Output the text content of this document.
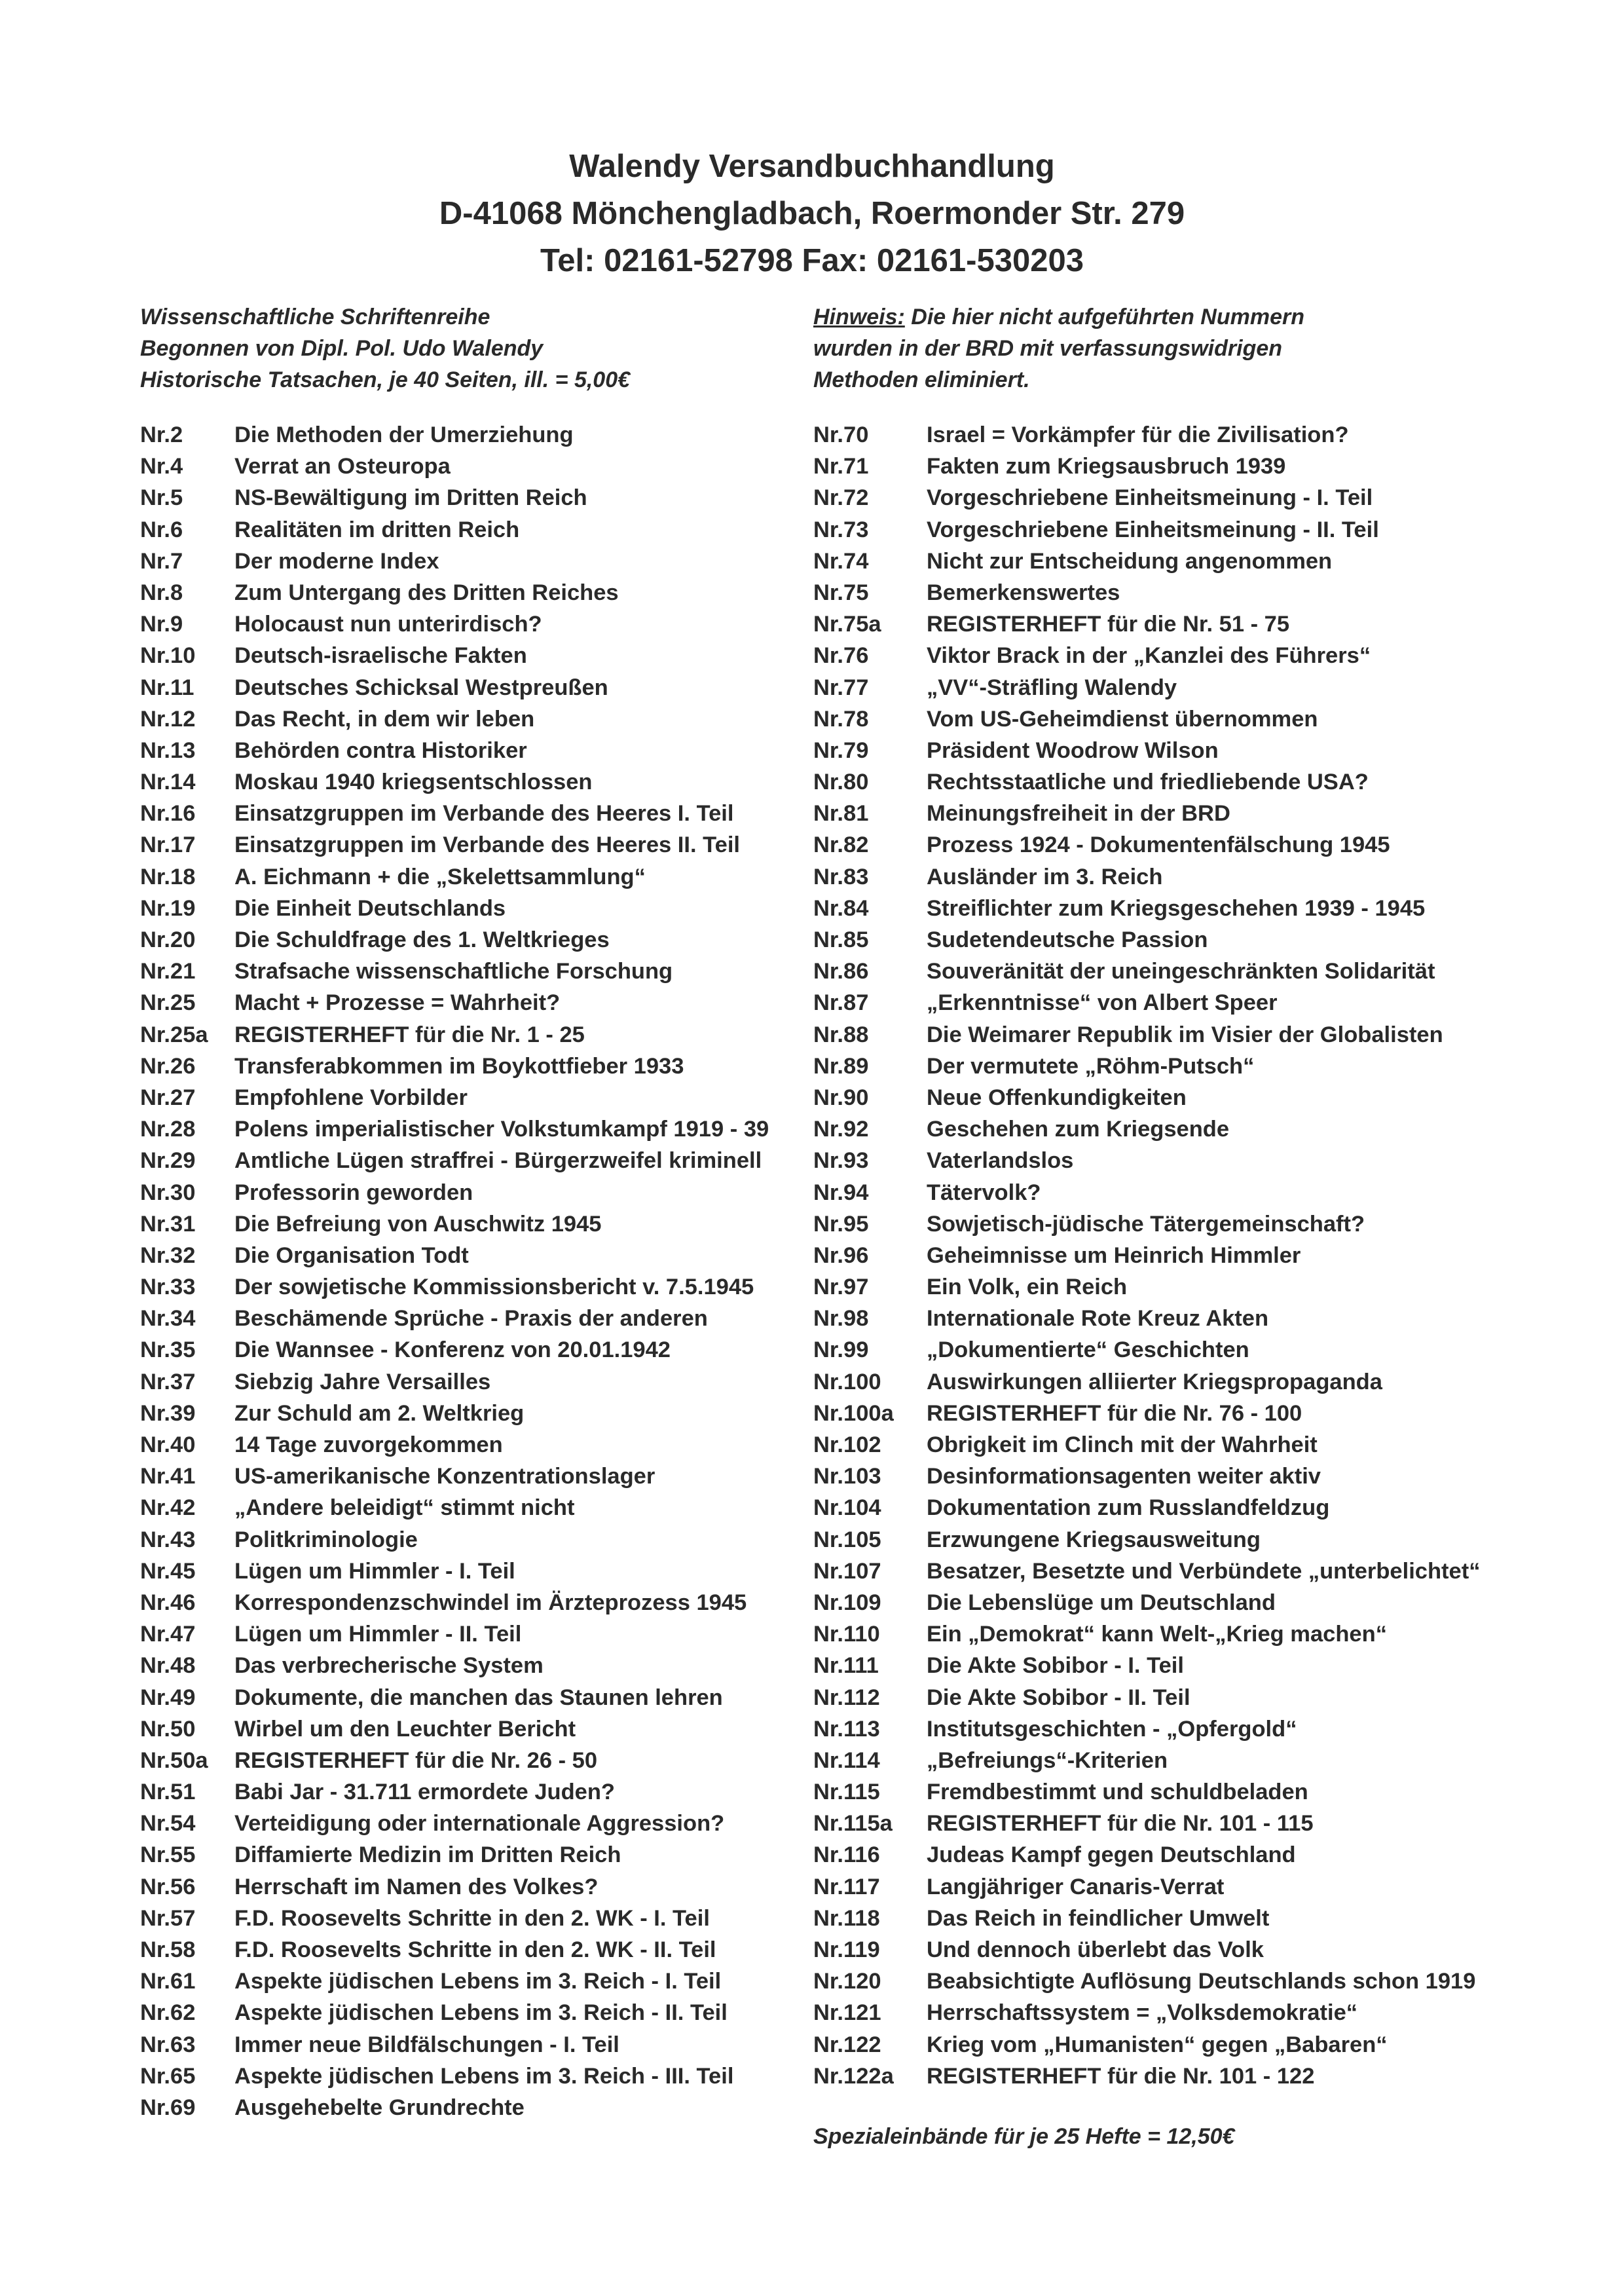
Walendy Versandbuchhandlung
D-41068 Mönchengladbach, Roermonder Str. 279
Tel: 02161-52798 Fax: 02161-530203
Wissenschaftliche Schriftenreihe
Begonnen von Dipl. Pol. Udo Walendy
Historische Tatsachen, je 40 Seiten, ill. = 5,00€
Hinweis: Die hier nicht aufgeführten Nummern
wurden in der BRD mit verfassungswidrigen
Methoden eliminiert.
Nr.2	Die Methoden der Umerziehung
Nr.4	Verrat an Osteuropa
Nr.5	NS-Bewältigung im Dritten Reich
Nr.6	Realitäten im dritten Reich
Nr.7	Der moderne Index
Nr.8	Zum Untergang des Dritten Reiches
Nr.9	Holocaust nun unterirdisch?
Nr.10	Deutsch-israelische Fakten
Nr.11	Deutsches Schicksal Westpreußen
Nr.12	Das Recht, in dem wir leben
Nr.13	Behörden contra Historiker
Nr.14	Moskau 1940 kriegsentschlossen
Nr.16	Einsatzgruppen im Verbande des Heeres I. Teil
Nr.17	Einsatzgruppen im Verbande des Heeres II. Teil
Nr.18	A. Eichmann + die „Skelettsammlung“
Nr.19	Die Einheit Deutschlands
Nr.20	Die Schuldfrage des 1. Weltkrieges
Nr.21	Strafsache wissenschaftliche Forschung
Nr.25	Macht + Prozesse = Wahrheit?
Nr.25a	REGISTERHEFT für die Nr. 1 - 25
Nr.26	Transferabkommen im Boykottfieber 1933
Nr.27	Empfohlene Vorbilder
Nr.28	Polens imperialistischer Volkstumkampf 1919 - 39
Nr.29	Amtliche Lügen straffrei - Bürgerzweifel kriminell
Nr.30	Professorin geworden
Nr.31	Die Befreiung von Auschwitz 1945
Nr.32	Die Organisation Todt
Nr.33	Der sowjetische Kommissionsbericht v. 7.5.1945
Nr.34	Beschämende Sprüche - Praxis der anderen
Nr.35	Die Wannsee - Konferenz von 20.01.1942
Nr.37	Siebzig Jahre Versailles
Nr.39	Zur Schuld am 2. Weltkrieg
Nr.40	14 Tage zuvorgekommen
Nr.41	US-amerikanische Konzentrationslager
Nr.42	„Andere beleidigt“ stimmt nicht
Nr.43	Politkriminologie
Nr.45	Lügen um Himmler - I. Teil
Nr.46	Korrespondenzschwindel im Ärzteprozess 1945
Nr.47	Lügen um Himmler - II. Teil
Nr.48	Das verbrecherische System
Nr.49	Dokumente, die manchen das Staunen lehren
Nr.50	Wirbel um den Leuchter Bericht
Nr.50a	REGISTERHEFT für die Nr. 26 - 50
Nr.51	Babi Jar - 31.711 ermordete Juden?
Nr.54	Verteidigung oder internationale Aggression?
Nr.55	Diffamierte Medizin im Dritten Reich
Nr.56	Herrschaft im Namen des Volkes?
Nr.57	F.D. Roosevelts Schritte in den 2. WK - I. Teil
Nr.58	F.D. Roosevelts Schritte in den 2. WK - II. Teil
Nr.61	Aspekte jüdischen Lebens im 3. Reich - I. Teil
Nr.62	Aspekte jüdischen Lebens im 3. Reich - II. Teil
Nr.63	Immer neue Bildfälschungen - I. Teil
Nr.65	Aspekte jüdischen Lebens im 3. Reich - III. Teil
Nr.69	Ausgehebelte Grundrechte
Nr.70	Israel = Vorkämpfer für die Zivilisation?
Nr.71	Fakten zum Kriegsausbruch 1939
Nr.72	Vorgeschriebene Einheitsmeinung - I. Teil
Nr.73	Vorgeschriebene Einheitsmeinung - II. Teil
Nr.74	Nicht zur Entscheidung angenommen
Nr.75	Bemerkenswertes
Nr.75a	REGISTERHEFT für die Nr. 51 - 75
Nr.76	Viktor Brack in der „Kanzlei des Führers“
Nr.77	„VV“-Sträfling Walendy
Nr.78	Vom US-Geheimdienst übernommen
Nr.79	Präsident Woodrow Wilson
Nr.80	Rechtsstaatliche und friedliebende USA?
Nr.81	Meinungsfreiheit in der BRD
Nr.82	Prozess 1924 - Dokumentenfälschung 1945
Nr.83	Ausländer im 3. Reich
Nr.84	Streiflichter zum Kriegsgeschehen 1939 - 1945
Nr.85	Sudetendeutsche Passion
Nr.86	Souveränität der uneingeschränkten Solidarität
Nr.87	„Erkenntnisse“ von Albert Speer
Nr.88	Die Weimarer Republik im Visier der Globalisten
Nr.89	Der vermutete „Röhm-Putsch“
Nr.90	Neue Offenkundigkeiten
Nr.92	Geschehen zum Kriegsende
Nr.93	Vaterlandslos
Nr.94	Tätervolk?
Nr.95	Sowjetisch-jüdische Tätergemeinschaft?
Nr.96	Geheimnisse um Heinrich Himmler
Nr.97	Ein Volk, ein Reich
Nr.98	Internationale Rote Kreuz Akten
Nr.99	„Dokumentierte“ Geschichten
Nr.100	Auswirkungen alliierter Kriegspropaganda
Nr.100a	REGISTERHEFT für die Nr. 76 - 100
Nr.102	Obrigkeit im Clinch mit der Wahrheit
Nr.103	Desinformationsagenten weiter aktiv
Nr.104	Dokumentation zum Russlandfeldzug
Nr.105	Erzwungene Kriegsausweitung
Nr.107	Besatzer, Besetzte und Verbündete „unterbelichtet“
Nr.109	Die Lebenslüge um Deutschland
Nr.110	Ein „Demokrat“ kann Welt-„Krieg machen“
Nr.111	Die Akte Sobibor - I. Teil
Nr.112	Die Akte Sobibor - II. Teil
Nr.113	Institutsgeschichten - „Opfergold“
Nr.114	„Befreiungs“-Kriterien
Nr.115	Fremdbestimmt und schuldbeladen
Nr.115a	REGISTERHEFT für die Nr. 101 - 115
Nr.116	Judeas Kampf gegen Deutschland
Nr.117	Langjähriger Canaris-Verrat
Nr.118	Das Reich in feindlicher Umwelt
Nr.119	Und dennoch überlebt das Volk
Nr.120	Beabsichtigte Auflösung Deutschlands schon 1919
Nr.121	Herrschaftssystem = „Volksdemokratie“
Nr.122	Krieg vom „Humanisten“ gegen „Babaren“
Nr.122a	REGISTERHEFT für die Nr. 101 - 122
Spezialeinbände für je 25 Hefte = 12,50€
